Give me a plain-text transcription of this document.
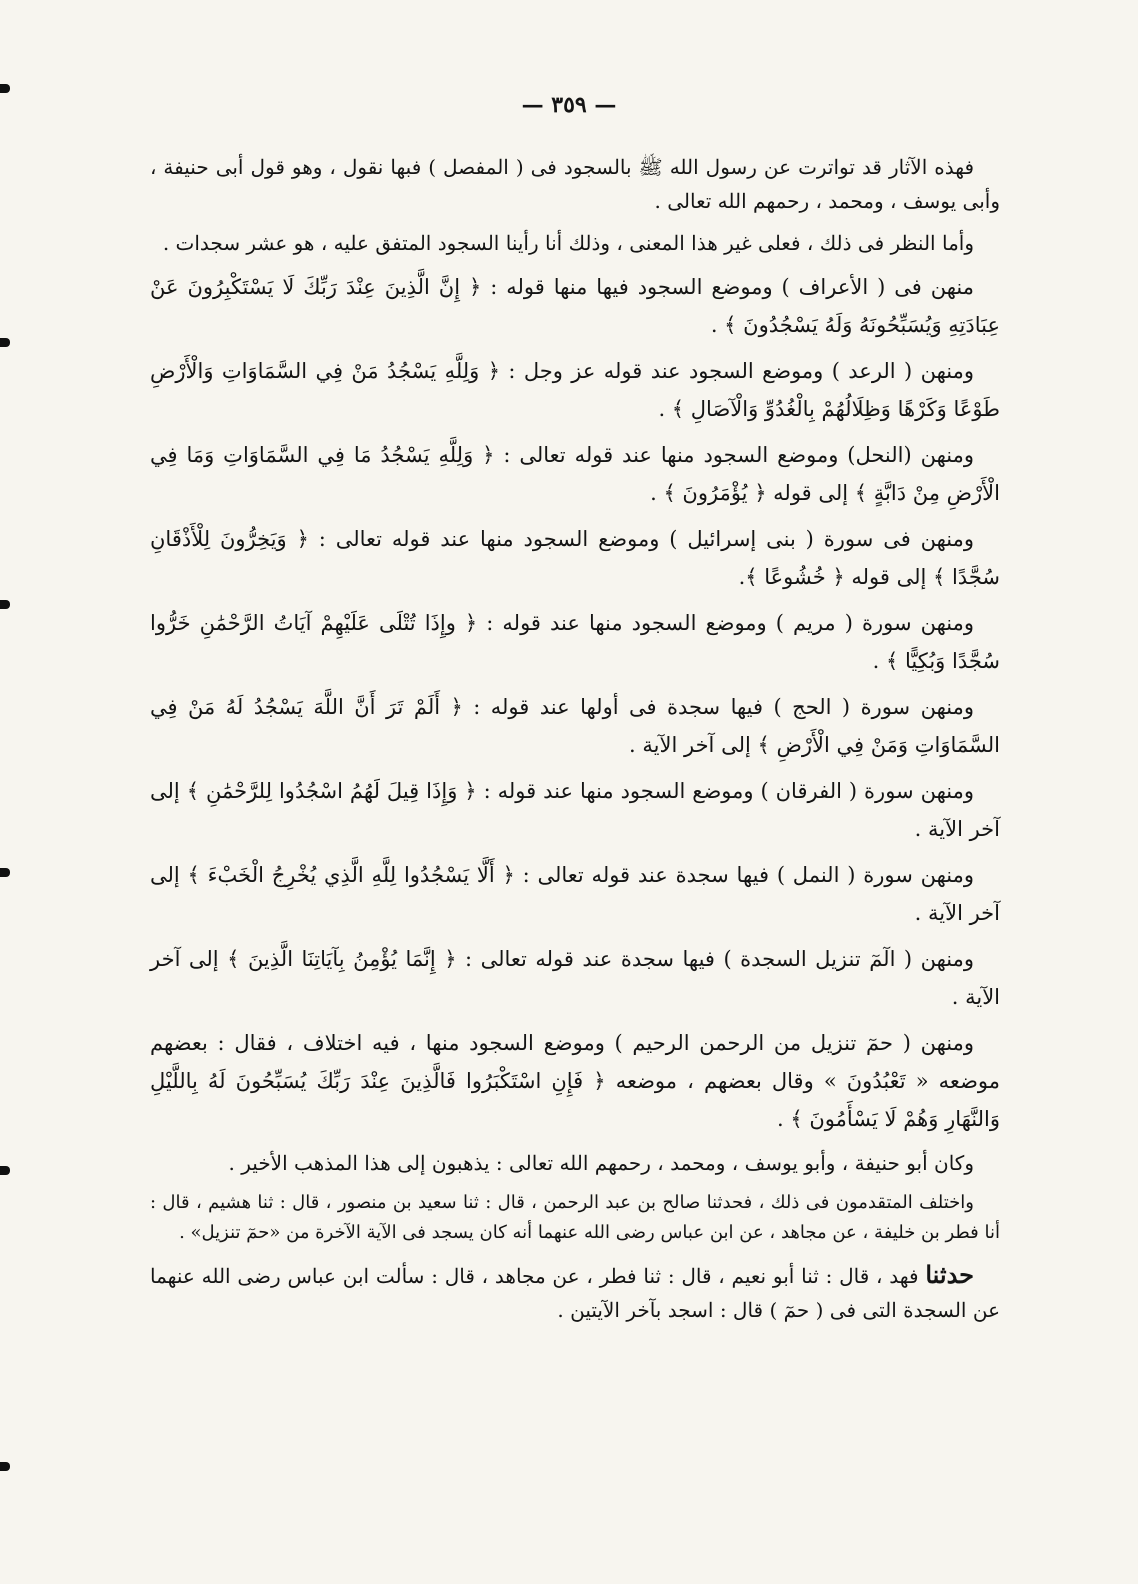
— ٣٥٩ —

فهذه الآثار قد تواترت عن رسول الله ﷺ بالسجود فى ( المفصل ) فبها نقول ، وهو قول أبى حنيفة ، وأبى يوسف ، ومحمد ، رحمهم الله تعالى .

وأما النظر فى ذلك ، فعلى غير هذا المعنى ، وذلك أنا رأينا السجود المتفق عليه ، هو عشر سجدات .

منهن فى ( الأعراف ) وموضع السجود فيها منها قوله : ﴿ إِنَّ الَّذِينَ عِنْدَ رَبِّكَ لَا يَسْتَكْبِرُونَ عَنْ عِبَادَتِهِ وَيُسَبِّحُونَهُ وَلَهُ يَسْجُدُونَ ﴾ .

ومنهن ( الرعد ) وموضع السجود عند قوله عز وجل : ﴿ وَلِلَّهِ يَسْجُدُ مَنْ فِي السَّمَاوَاتِ وَالْأَرْضِ طَوْعًا وَكَرْهًا وَظِلَالُهُمْ بِالْغُدُوِّ وَالْآصَالِ ﴾ .

ومنهن (النحل) وموضع السجود منها عند قوله تعالى : ﴿ وَلِلَّهِ يَسْجُدُ مَا فِي السَّمَاوَاتِ وَمَا فِي الْأَرْضِ مِنْ دَابَّةٍ ﴾ إلى قوله ﴿ يُؤْمَرُونَ ﴾ .

ومنهن فى سورة ( بنى إسرائيل ) وموضع السجود منها عند قوله تعالى : ﴿ وَيَخِرُّونَ لِلْأَذْقَانِ سُجَّدًا ﴾ إلى قوله ﴿ خُشُوعًا ﴾.

ومنهن سورة ( مريم ) وموضع السجود منها عند قوله : ﴿ وإِذَا تُتْلَى عَلَيْهِمْ آيَاتُ الرَّحْمَٰنِ خَرُّوا سُجَّدًا وَبُكِيًّا ﴾ .

ومنهن سورة ( الحج ) فيها سجدة فى أولها عند قوله : ﴿ أَلَمْ تَرَ أَنَّ اللَّهَ يَسْجُدُ لَهُ مَنْ فِي السَّمَاوَاتِ وَمَنْ فِي الْأَرْضِ ﴾ إلى آخر الآية .

ومنهن سورة ( الفرقان ) وموضع السجود منها عند قوله : ﴿ وَإِذَا قِيلَ لَهُمُ اسْجُدُوا لِلرَّحْمَٰنِ ﴾ إلى آخر الآية .

ومنهن سورة ( النمل ) فيها سجدة عند قوله تعالى : ﴿ أَلَّا يَسْجُدُوا لِلَّهِ الَّذِي يُخْرِجُ الْخَبْءَ ﴾ إلى آخر الآية .

ومنهن ( الٓمٓ تنزيل السجدة ) فيها سجدة عند قوله تعالى : ﴿ إِنَّمَا يُؤْمِنُ بِآيَاتِنَا الَّذِينَ ﴾ إلى آخر الآية .

ومنهن ( حمٓ تنزيل من الرحمن الرحيم ) وموضع السجود منها ، فيه اختلاف ، فقال : بعضهم موضعه « تَعْبُدُونَ » وقال بعضهم ، موضعه ﴿ فَإِنِ اسْتَكْبَرُوا فَالَّذِينَ عِنْدَ رَبِّكَ يُسَبِّحُونَ لَهُ بِاللَّيْلِ وَالنَّهَارِ وَهُمْ لَا يَسْأَمُونَ ﴾ .

وكان أبو حنيفة ، وأبو يوسف ، ومحمد ، رحمهم الله تعالى : يذهبون إلى هذا المذهب الأخير .

واختلف المتقدمون فى ذلك ، فحدثنا صالح بن عبد الرحمن ، قال : ثنا سعيد بن منصور ، قال : ثنا هشيم ، قال : أنا فطر بن خليفة ، عن مجاهد ، عن ابن عباس رضى الله عنهما أنه كان يسجد فى الآية الآخرة من «حمٓ تنزيل» .

حدثنا فهد ، قال : ثنا أبو نعيم ، قال : ثنا فطر ، عن مجاهد ، قال : سألت ابن عباس رضى الله عنهما عن السجدة التى فى ( حمٓ ) قال : اسجد بآخر الآيتين .
